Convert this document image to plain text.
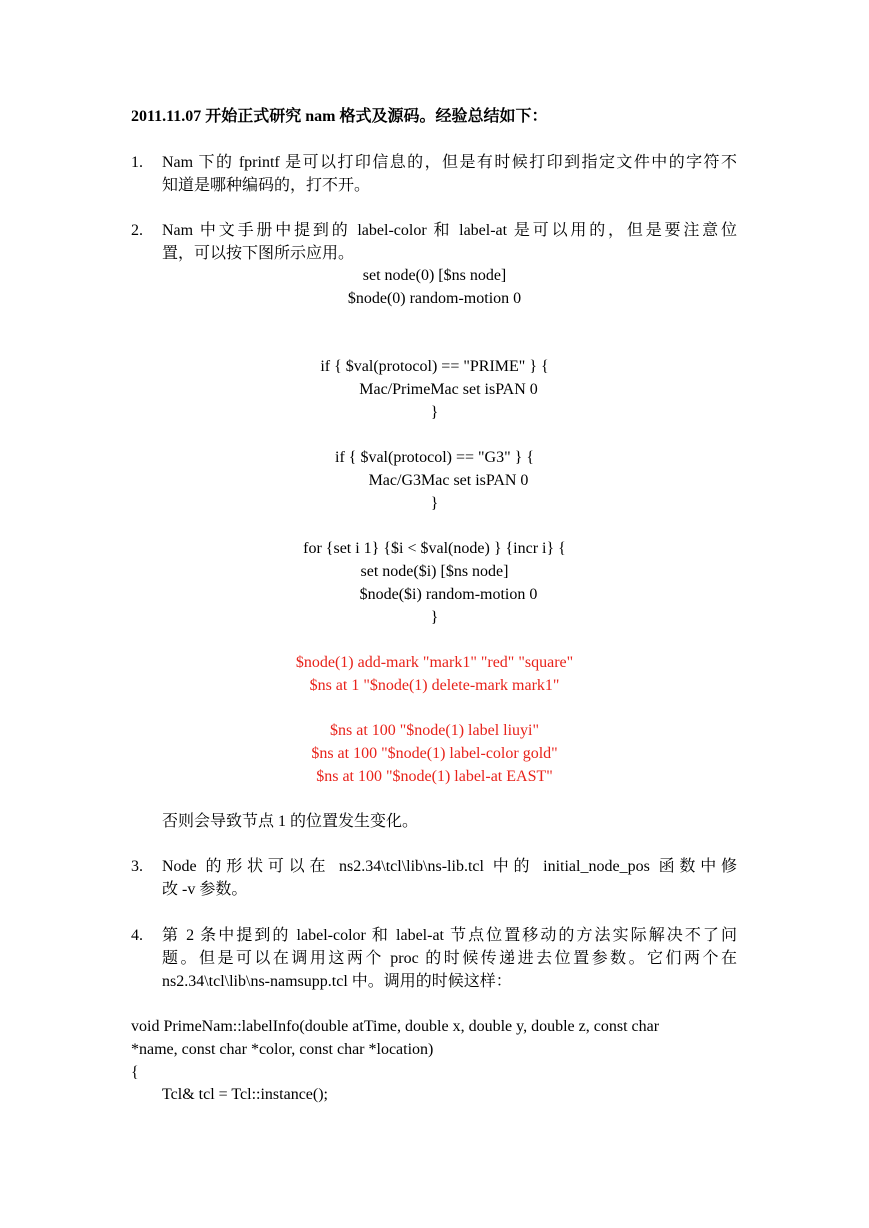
2011.11.07 开始正式研究 nam 格式及源码。经验总结如下：
1. Nam 下的 fprintf 是可以打印信息的，但是有时候打印到指定文件中的字符不
知道是哪种编码的，打不开。
2. Nam 中文手册中提到的 label-color 和 label-at 是可以用的，但是要注意位
置，可以按下图所示应用。
set node(0) [$ns node]
$node(0) random-motion 0
if { $val(protocol) == "PRIME" } {
Mac/PrimeMac set isPAN 0
}
if { $val(protocol) == "G3" } {
Mac/G3Mac set isPAN 0
}
for {set i 1} {$i < $val(node) } {incr i} {
set node($i) [$ns node]
$node($i) random-motion 0
}
$node(1) add-mark "mark1" "red" "square"
$ns at 1 "$node(1) delete-mark mark1"
$ns at 100 "$node(1) label liuyi"
$ns at 100 "$node(1) label-color gold"
$ns at 100 "$node(1) label-at EAST"
否则会导致节点 1 的位置发生变化。
3. Node 的形状可以在 ns2.34\tcl\lib\ns-lib.tcl 中的 initial_node_pos 函数中修
改 -v 参数。
4. 第 2 条中提到的 label-color 和 label-at 节点位置移动的方法实际解决不了问
题。但是可以在调用这两个 proc 的时候传递进去位置参数。它们两个在
ns2.34\tcl\lib\ns-namsupp.tcl 中。调用的时候这样：
void PrimeNam::labelInfo(double atTime, double x, double y, double z, const char
*name, const char *color, const char *location)
{
Tcl& tcl = Tcl::instance();
